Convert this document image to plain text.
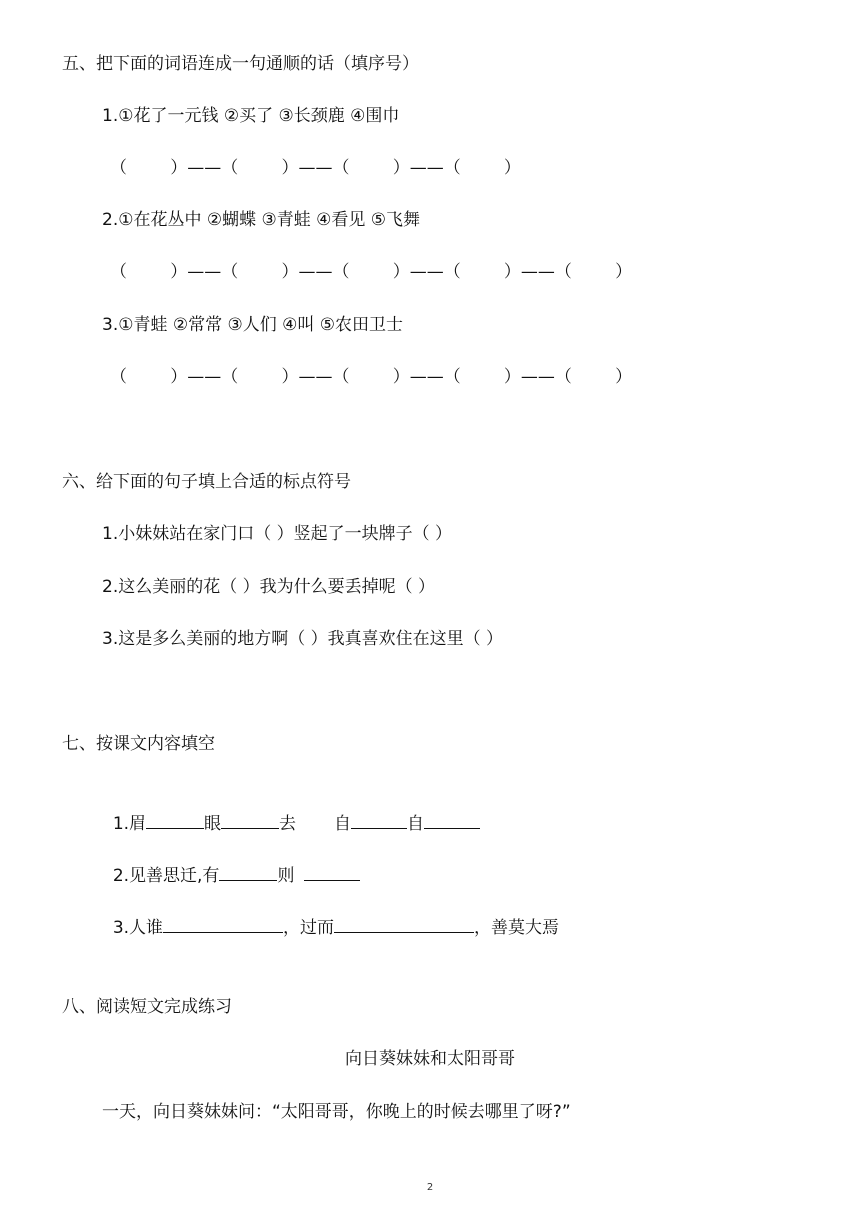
五、把下面的词语连成一句通顺的话（填序号）
1.①花了一元钱 ②买了 ③长颈鹿 ④围巾
（        ）——（        ）——（        ）——（        ）
2.①在花丛中 ②蝴蝶 ③青蛙 ④看见 ⑤飞舞
（        ）——（        ）——（        ）——（        ）——（        ）
3.①青蛙 ②常常 ③人们 ④叫 ⑤农田卫士
（        ）——（        ）——（        ）——（        ）——（        ）
六、给下面的句子填上合适的标点符号
1.小妹妹站在家门口（ ）竖起了一块牌子（ ）
2.这么美丽的花（ ）我为什么要丢掉呢（ ）
3.这是多么美丽的地方啊（ ）我真喜欢住在这里（ ）
七、按课文内容填空

1.眉	眼	去 自	自

2.见善思迁,有	则

3.人谁	，过而	，善莫大焉

八、阅读短文完成练习
向日葵妹妹和太阳哥哥
一天，向日葵妹妹问：“太阳哥哥，你晚上的时候去哪里了呀?”
2
